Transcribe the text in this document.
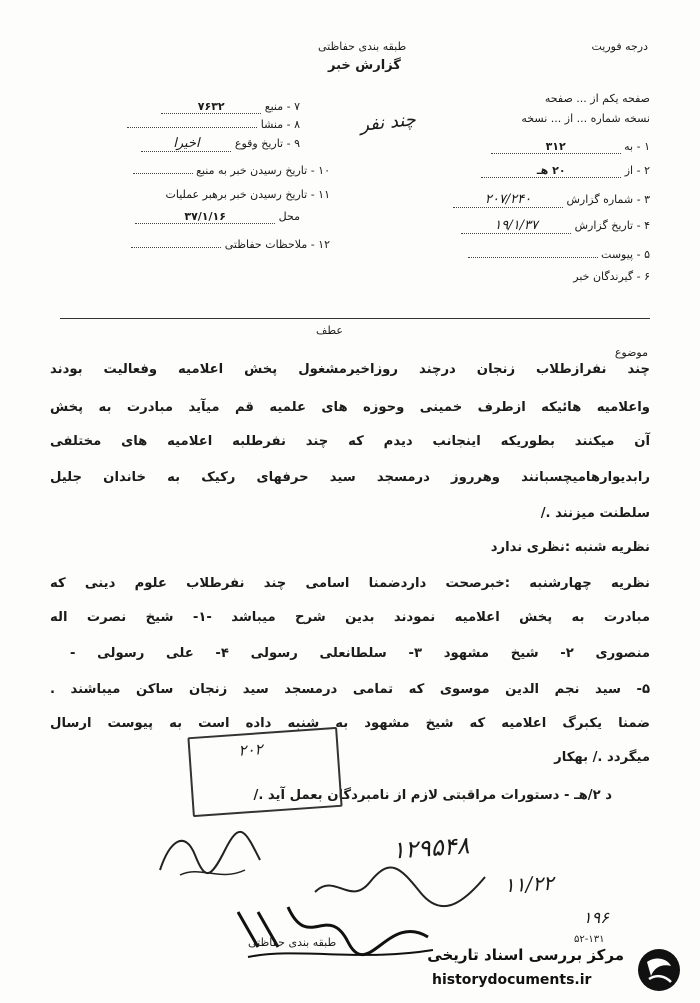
درجه فوریت
طبقه بندی حفاظتی
گزارش خبر
۷ - منبع ۷۶۳۲
۸ - منشا
۹ - تاریخ وقوع اخیرا
۱۰ - تاریخ رسیدن خبر به منبع
۱۱ - تاریخ رسیدن خبر برهبر عملیات
محل ۳۷/۱/۱۶
۱۲ - ملاحظات حفاظتی
صفحه یکم از ... صفحه
نسخه شماره ... از ... نسخه
۱ - به ۳۱۲
۲ - از ۲۰ هـ
۳ - شماره گزارش ۲۰۷/۲۴۰
۴ - تاریخ گزارش ۱۹/۱/۳۷
۵ - پیوست
۶ - گیرندگان خبر
چند نفر
عطف
موضوع
چند نفرازطلاب زنجان درچند روزاخیرمشغول پخش اعلامیه وفعالیت بودند
واعلامیه هائیکه ازطرف خمینی وحوزه های علمیه قم میآید مبادرت به پخش
آن میکنند بطوریکه اینجانب دیدم که چند نفرطلبه اعلامیه های مختلفی
رابدیوارهامیچسبانند وهرروز درمسجد سید حرفهای رکیک به خاندان جلیل
سلطنت میزنند ./
نظریه شنبه :نظری ندارد
نظریه چهارشنبه :خبرصحت داردضمنا اسامی چند نفرطلاب علوم دینی که
مبادرت به پخش اعلامیه نمودند بدین شرح میباشد -۱- شیخ نصرت اله
منصوری ۲- شیخ مشهود ۳- سلطانعلی رسولی ۴- علی رسولی -
۵- سید نجم الدین موسوی که تمامی درمسجد سید زنجان ساکن میباشند .
ضمنا یکبرگ اعلامیه که شیخ مشهود به شنبه داده است به پیوست ارسال
میگردد ./ بهکار
د ۲/هـ - دستورات مراقبتی لازم از نامبردگان بعمل آید ./
۲۰۲
۱۲۹۵۴۸
۱۱/۲۲
طبقه بندی حفاظتی
۱۹۶
۵۲-۱۳۱
مرکز بررسی اسناد تاریخی
historydocuments.ir
